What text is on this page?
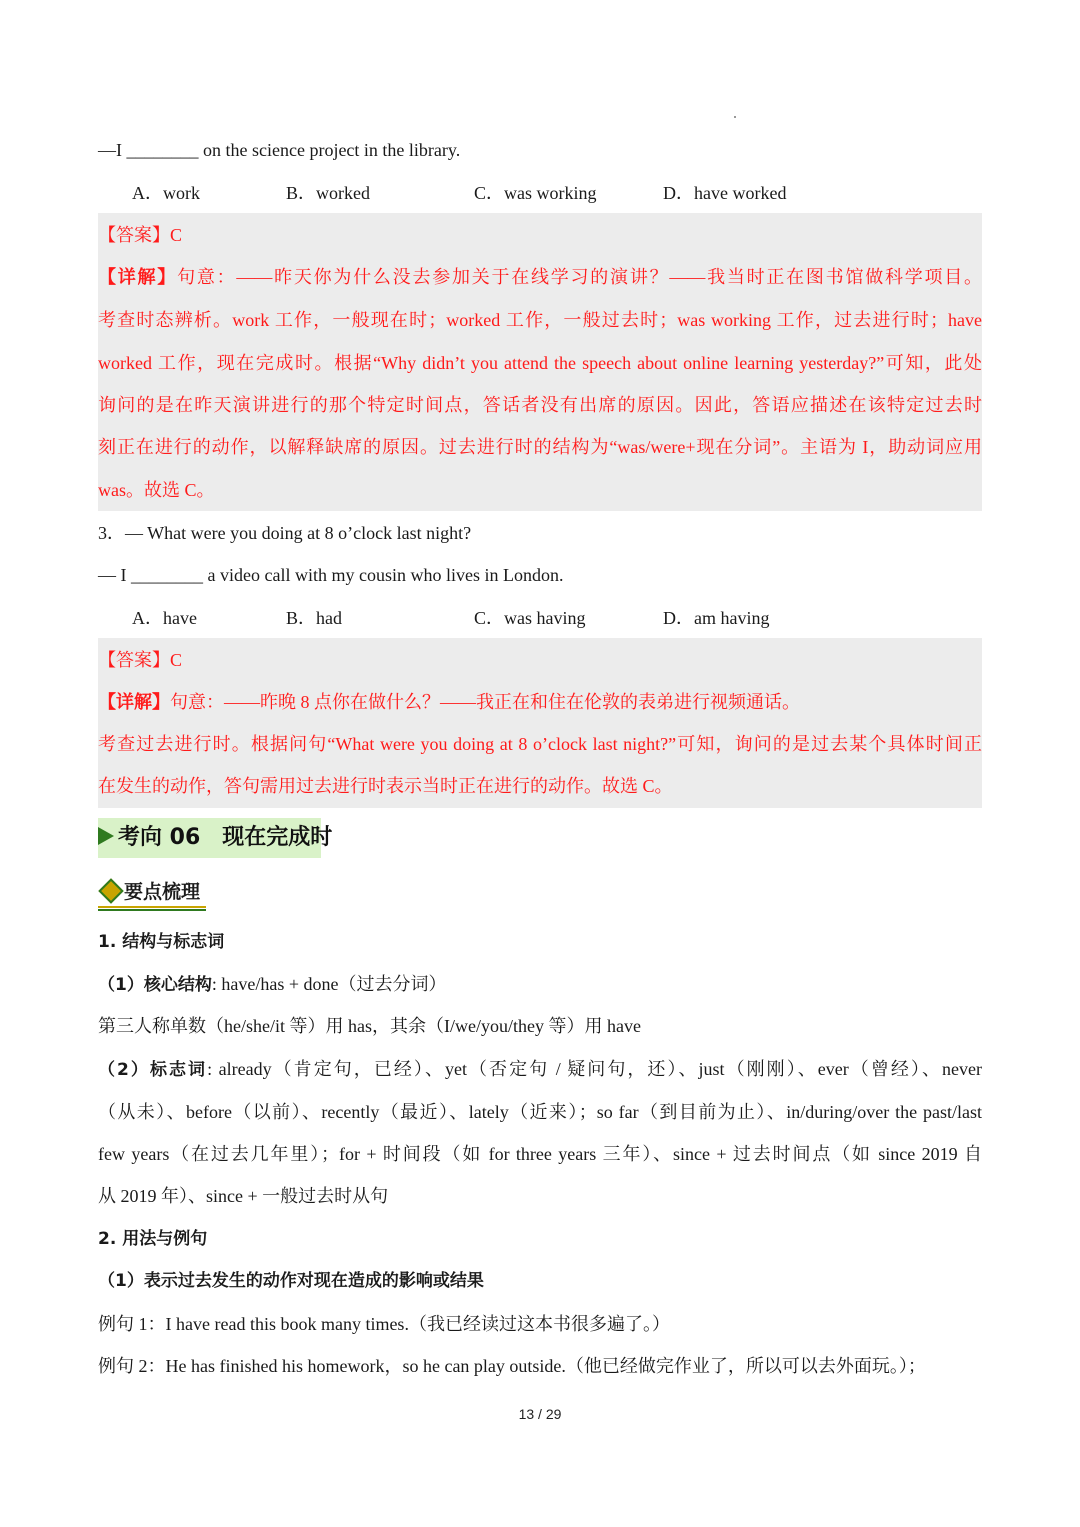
—I ________ on the science project in the library.
A．work	B．worked	C．was working	D．have worked
【答案】C
【详解】句意：——昨天你为什么没去参加关于在线学习的演讲？——我当时正在图书馆做科学项目。
考查时态辨析。work 工作，一般现在时；worked 工作，一般过去时；was working 工作，过去进行时；have
worked 工作，现在完成时。根据“Why didn’t you attend the speech about online learning yesterday?”可知，此处
询问的是在昨天演讲进行的那个特定时间点，答话者没有出席的原因。因此，答语应描述在该特定过去时
刻正在进行的动作，以解释缺席的原因。过去进行时的结构为“was/were+现在分词”。主语为 I，助动词应用
was。故选 C。
3．— What were you doing at 8 o’clock last night?
— I ________ a video call with my cousin who lives in London.
A．have	B．had	C．was having	D．am having
【答案】C
【详解】句意：——昨晚 8 点你在做什么？——我正在和住在伦敦的表弟进行视频通话。
考查过去进行时。根据问句“What were you doing at 8 o’clock last night?”可知，询问的是过去某个具体时间正
在发生的动作，答句需用过去进行时表示当时正在进行的动作。故选 C。
考向 06　现在完成时
要点梳理
1. 结构与标志词
（1）核心结构: have/has + done（过去分词）
第三人称单数（he/she/it 等）用 has，其余（I/we/you/they 等）用 have
（2）标志词: already（肯定句，已经）、yet（否定句 / 疑问句，还）、just（刚刚）、ever（曾经）、never
（从未）、before（以前）、recently（最近）、lately（近来）；so far（到目前为止）、in/during/over the past/last
few years（在过去几年里）；for + 时间段（如 for three years 三年）、since + 过去时间点（如 since 2019 自
从 2019 年）、since + 一般过去时从句
2. 用法与例句
（1）表示过去发生的动作对现在造成的影响或结果
例句 1：I have read this book many times.（我已经读过这本书很多遍了。）
例句 2：He has finished his homework，so he can play outside.（他已经做完作业了，所以可以去外面玩。）；
13 / 29
